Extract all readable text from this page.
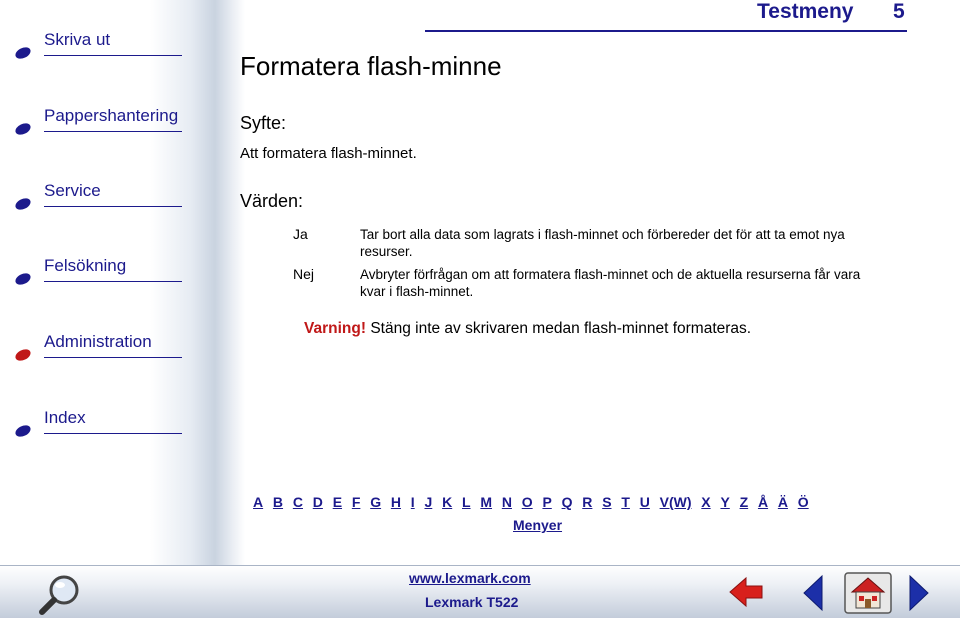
Testmeny 5
Skriva ut
Pappershantering
Service
Felsökning
Administration
Index
Formatera flash-minne
Syfte:
Att formatera flash-minnet.
Värden:
Ja	Tar bort alla data som lagrats i flash-minnet och förbereder det för att ta emot nya resurser.
Nej	Avbryter förfrågan om att formatera flash-minnet och de aktuella resurserna får vara kvar i flash-minnet.
Varning! Stäng inte av skrivaren medan flash-minnet formateras.
A B C D E F G H I J K L M N O P Q R S T U V(W) X Y Z Å Ä Ö
Menyer
www.lexmark.com
Lexmark T522
